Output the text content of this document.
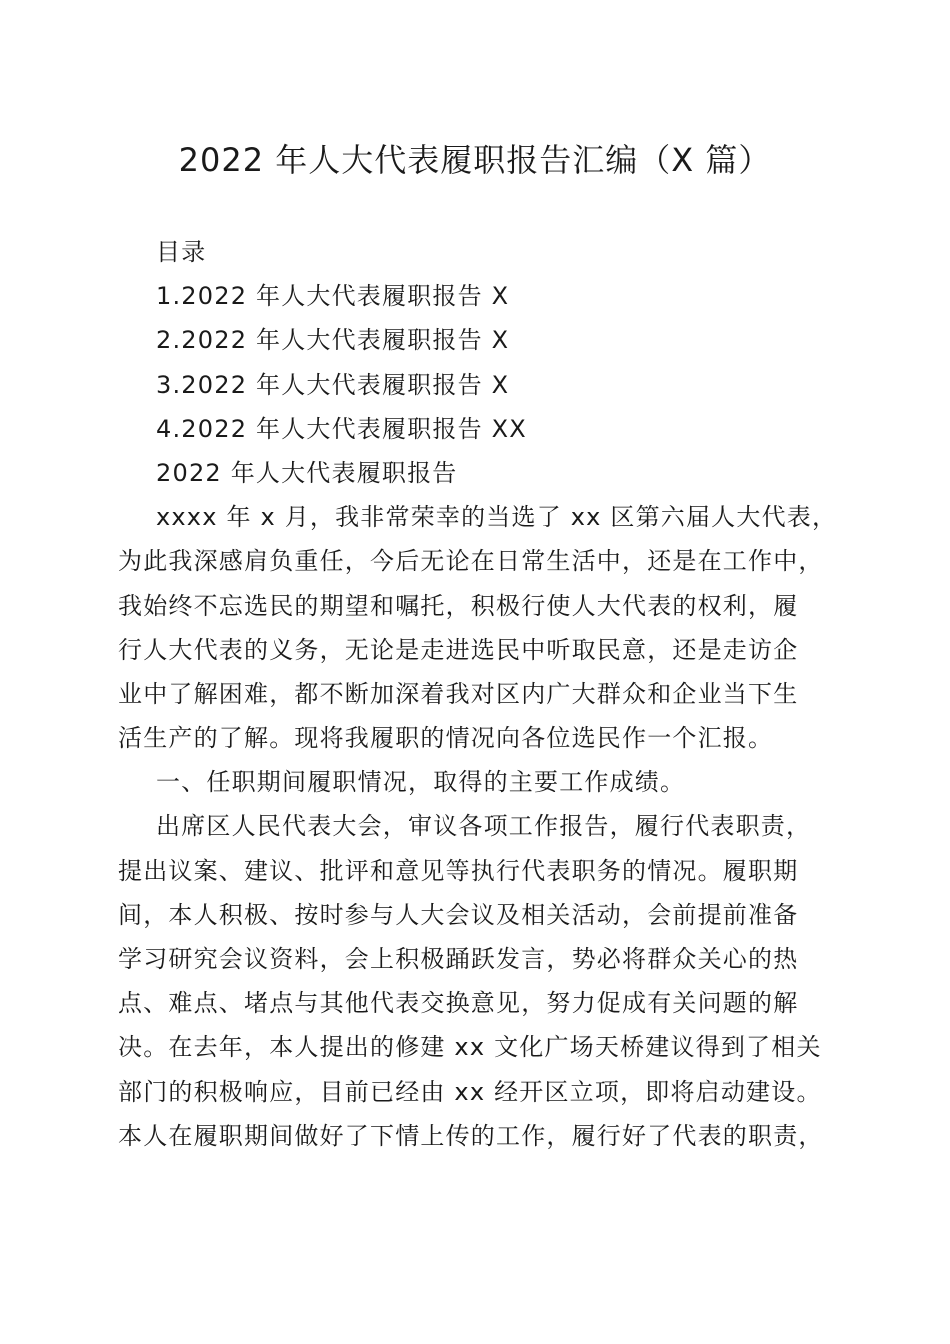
2022 年人大代表履职报告汇编（X 篇）
目录
1.2022 年人大代表履职报告 X
2.2022 年人大代表履职报告 X
3.2022 年人大代表履职报告 X
4.2022 年人大代表履职报告 XX
2022 年人大代表履职报告
xxxx 年 x 月，我非常荣幸的当选了 xx 区第六届人大代表，
为此我深感肩负重任，今后无论在日常生活中，还是在工作中，
我始终不忘选民的期望和嘱托，积极行使人大代表的权利，履
行人大代表的义务，无论是走进选民中听取民意，还是走访企
业中了解困难，都不断加深着我对区内广大群众和企业当下生
活生产的了解。现将我履职的情况向各位选民作一个汇报。
一、任职期间履职情况，取得的主要工作成绩。
出席区人民代表大会，审议各项工作报告，履行代表职责，
提出议案、建议、批评和意见等执行代表职务的情况。履职期
间，本人积极、按时参与人大会议及相关活动，会前提前准备
学习研究会议资料，会上积极踊跃发言，势必将群众关心的热
点、难点、堵点与其他代表交换意见，努力促成有关问题的解
决。在去年，本人提出的修建 xx 文化广场天桥建议得到了相关
部门的积极响应，目前已经由 xx 经开区立项，即将启动建设。
本人在履职期间做好了下情上传的工作，履行好了代表的职责，
